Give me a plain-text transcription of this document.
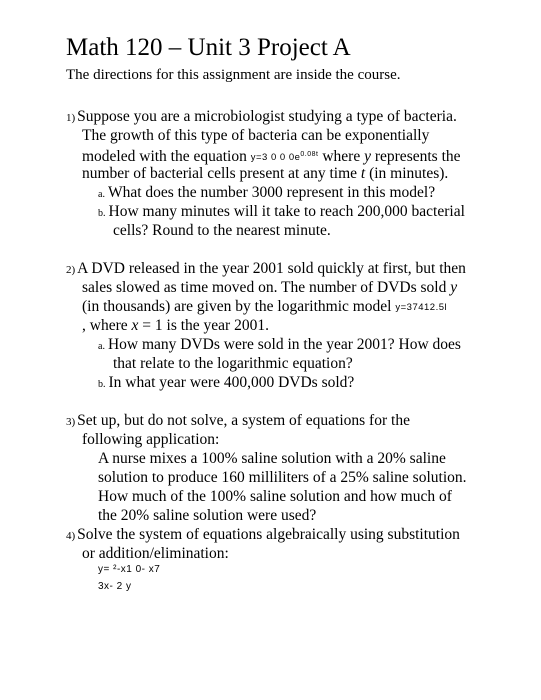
Math 120 – Unit 3 Project A
The directions for this assignment are inside the course.
1) Suppose you are a microbiologist studying a type of bacteria.
The growth of this type of bacteria can be exponentially
modeled with the equation y=3 0 0 $0e^{0.08t}$ where y represents the
number of bacterial cells present at any time t (in minutes).
a. What does the number 3000 represent in this model?
b. How many minutes will it take to reach 200,000 bacterial
cells? Round to the nearest minute.
2) A DVD released in the year 2001 sold quickly at first, but then
sales slowed as time moved on. The number of DVDs sold y
(in thousands) are given by the logarithmic model y=37412.5l
, where x = 1 is the year 2001.
a. How many DVDs were sold in the year 2001? How does
that relate to the logarithmic equation?
b. In what year were 400,000 DVDs sold?
3) Set up, but do not solve, a system of equations for the
following application:
A nurse mixes a 100% saline solution with a 20% saline
solution to produce 160 milliliters of a 25% saline solution.
How much of the 100% saline solution and how much of
the 20% saline solution were used?
4) Solve the system of equations algebraically using substitution
or addition/elimination:
y= ²-x1 0- x7
3x- 2 y
